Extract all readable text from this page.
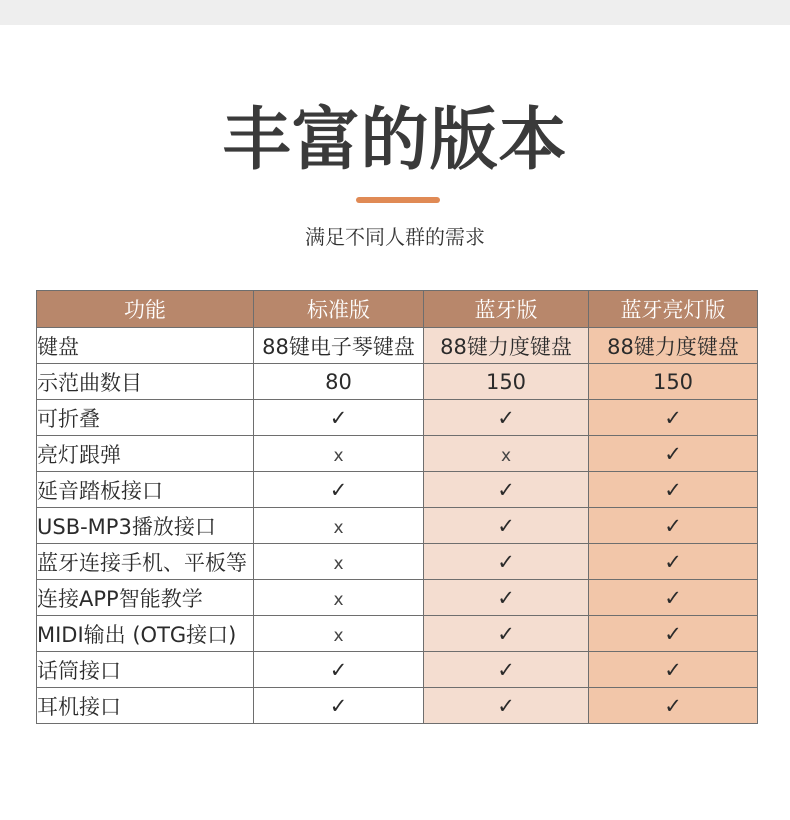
丰富的版本
满足不同人群的需求
功能	标准版	蓝牙版	蓝牙亮灯版
键盘	88键电子琴键盘	88键力度键盘	88键力度键盘
示范曲数目	80	150	150
可折叠	✓	✓	✓
亮灯跟弹	x	x	✓
延音踏板接口	✓	✓	✓
USB-MP3播放接口	x	✓	✓
蓝牙连接手机、平板等	x	✓	✓
连接APP智能教学	x	✓	✓
MIDI输出 (OTG接口)	x	✓	✓
话筒接口	✓	✓	✓
耳机接口	✓	✓	✓
